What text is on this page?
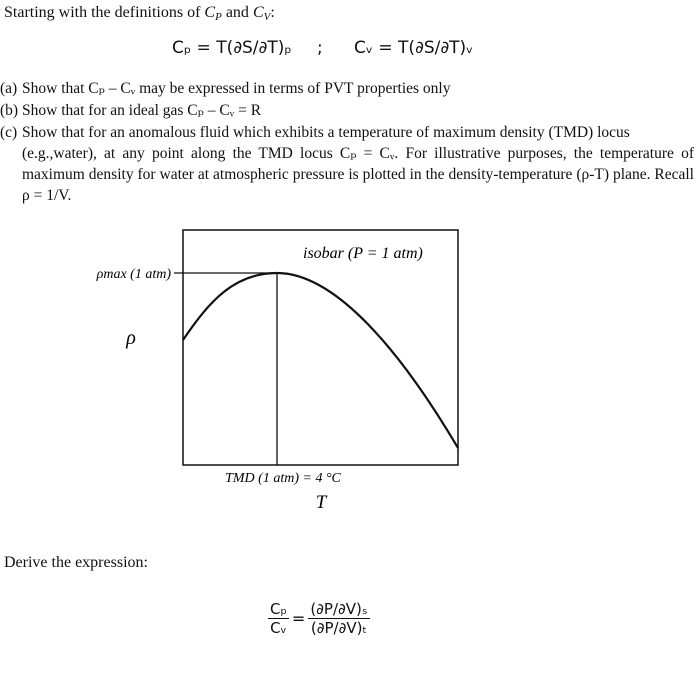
Starting with the definitions of $C_P$ and $C_V$:
Cₚ = T(∂S/∂T)ₚ ; Cᵥ = T(∂S/∂T)ᵥ
(a) Show that Cₚ – Cᵥ may be expressed in terms of PVT properties only
(b) Show that for an ideal gas Cₚ – Cᵥ = R
(c) Show that for an anomalous fluid which exhibits a temperature of maximum density (TMD) locus
(e.g.,water), at any point along the TMD locus Cₚ = Cᵥ. For illustrative purposes, the temperature of maximum density for water at atmospheric pressure is plotted in the density-temperature (ρ-T) plane. Recall ρ = 1/V.
isobar (P = 1 atm)
ρmax (1 atm)
ρ
TMD (1 atm) = 4 °C
T
Derive the expression:
$\frac{\text{Cₚ}}{\text{Cᵥ}} = \frac{\text{(∂P/∂V)ₛ}}{\text{(∂P/∂V)ₜ}}$
